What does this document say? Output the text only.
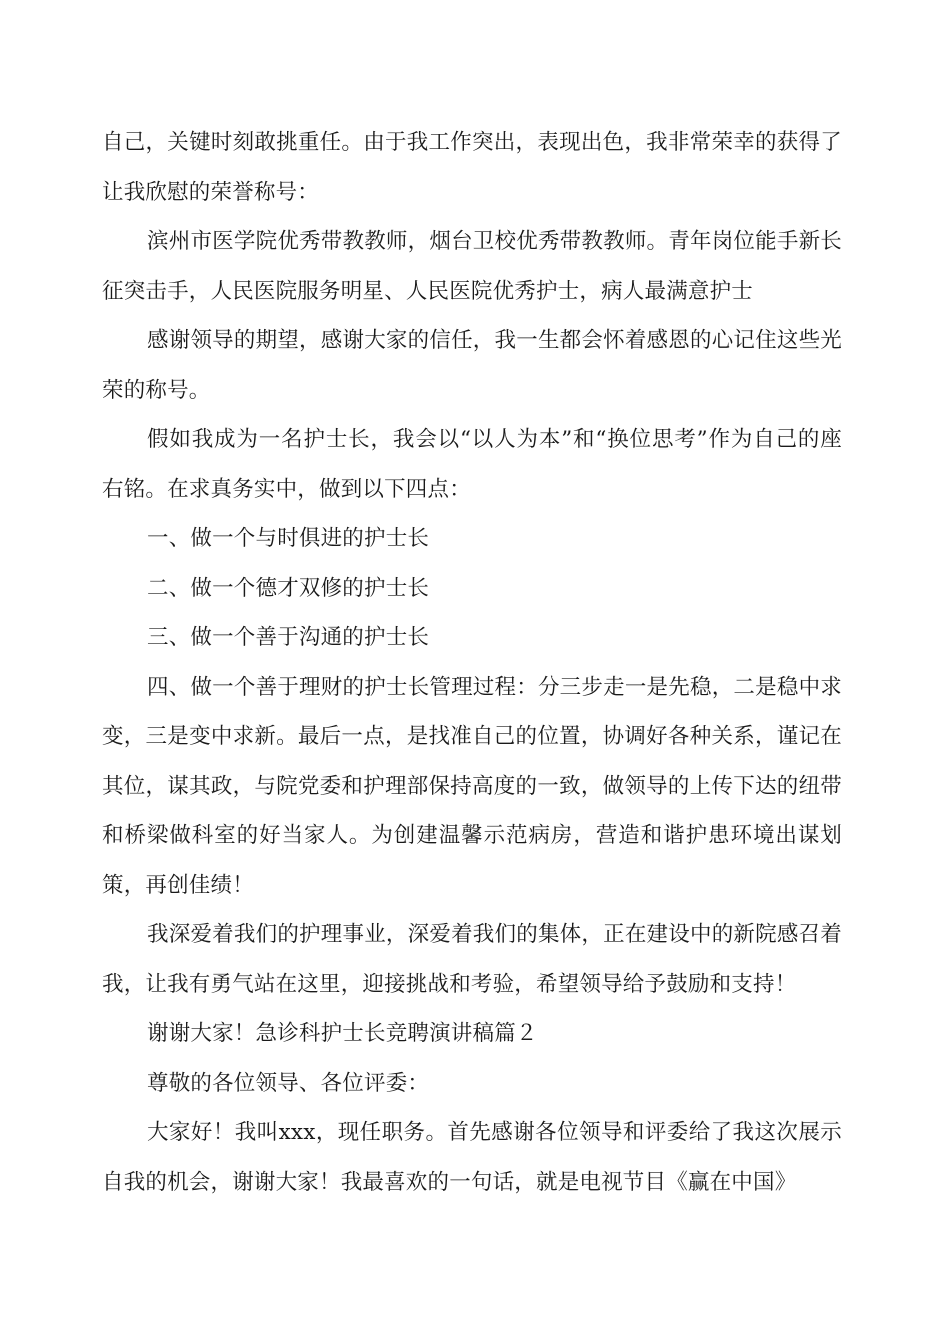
自己，关键时刻敢挑重任。由于我工作突出，表现出色，我非常荣幸的获得了让我欣慰的荣誉称号：

滨州市医学院优秀带教教师，烟台卫校优秀带教教师。青年岗位能手新长征突击手，人民医院服务明星、人民医院优秀护士，病人最满意护士

感谢领导的期望，感谢大家的信任，我一生都会怀着感恩的心记住这些光荣的称号。

假如我成为一名护士长，我会以“以人为本”和“换位思考”作为自己的座右铭。在求真务实中，做到以下四点：

一、做一个与时俱进的护士长

二、做一个德才双修的护士长

三、做一个善于沟通的护士长

四、做一个善于理财的护士长管理过程：分三步走一是先稳，二是稳中求变，三是变中求新。最后一点，是找准自己的位置，协调好各种关系，谨记在其位，谋其政，与院党委和护理部保持高度的一致，做领导的上传下达的纽带和桥梁做科室的好当家人。为创建温馨示范病房，营造和谐护患环境出谋划策，再创佳绩！

我深爱着我们的护理事业，深爱着我们的集体，正在建设中的新院感召着我，让我有勇气站在这里，迎接挑战和考验，希望领导给予鼓励和支持！

谢谢大家！急诊科护士长竞聘演讲稿篇２

尊敬的各位领导、各位评委：

大家好！我叫xxx，现任职务。首先感谢各位领导和评委给了我这次展示自我的机会，谢谢大家！我最喜欢的一句话，就是电视节目《赢在中国》
